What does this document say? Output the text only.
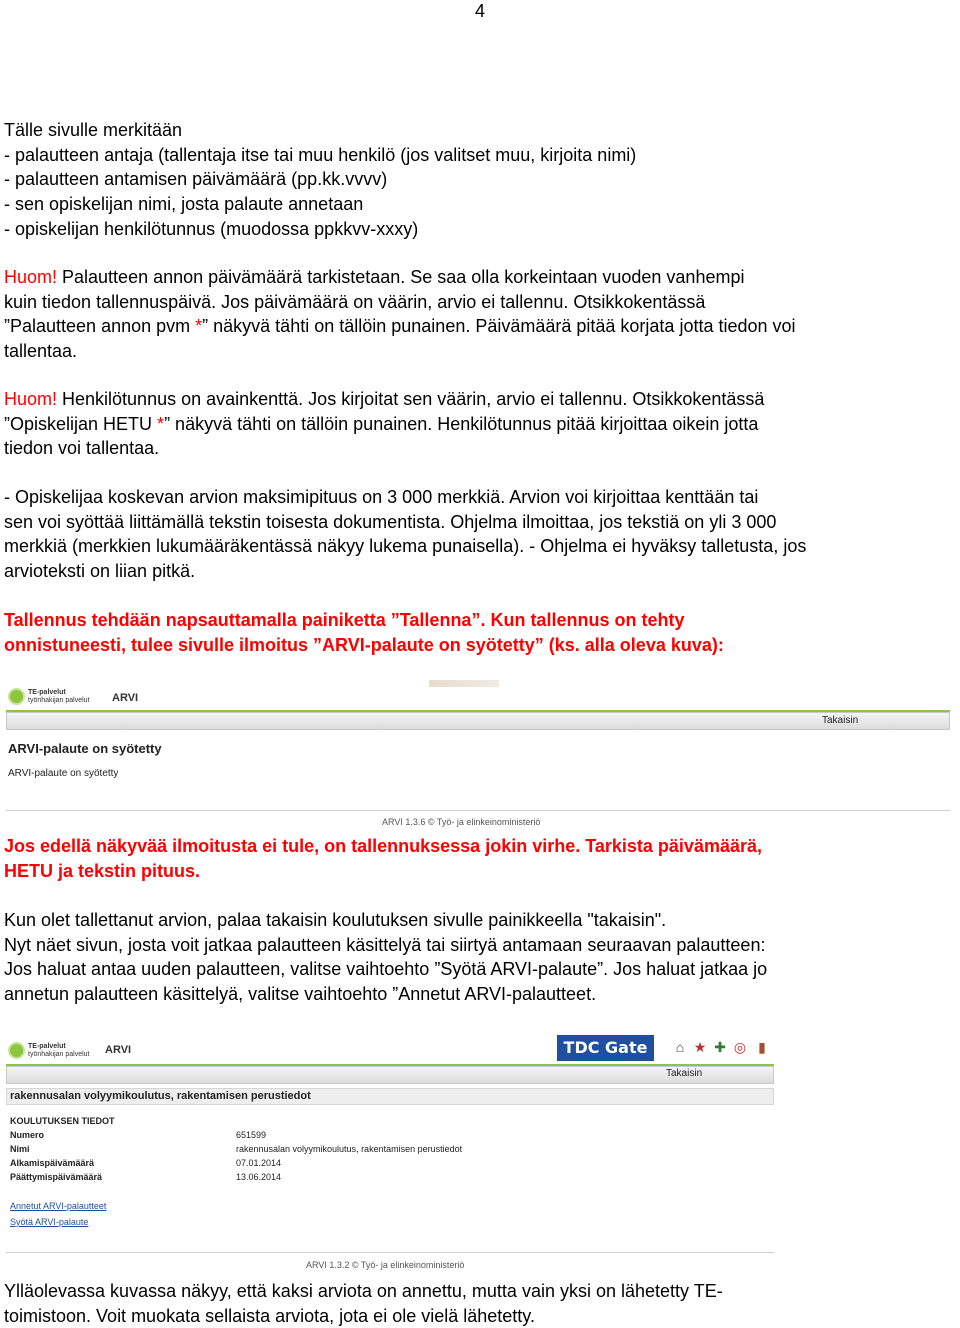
4
Tälle sivulle merkitään
- palautteen antaja (tallentaja itse tai muu henkilö (jos valitset muu, kirjoita nimi)
- palautteen antamisen päivämäärä (pp.kk.vvvv)
- sen opiskelijan nimi, josta palaute annetaan
- opiskelijan henkilötunnus (muodossa ppkkvv-xxxy)
Huom! Palautteen annon päivämäärä tarkistetaan. Se saa olla korkeintaan vuoden vanhempi
kuin tiedon tallennuspäivä. Jos päivämäärä on väärin, arvio ei tallennu. Otsikkokentässä
”Palautteen annon pvm *” näkyvä tähti on tällöin punainen. Päivämäärä pitää korjata jotta tiedon voi
tallentaa.
Huom! Henkilötunnus on avainkenttä. Jos kirjoitat sen väärin, arvio ei tallennu. Otsikkokentässä
”Opiskelijan HETU *” näkyvä tähti on tällöin punainen. Henkilötunnus pitää kirjoittaa oikein jotta
tiedon voi tallentaa.
- Opiskelijaa koskevan arvion maksimipituus on 3 000 merkkiä. Arvion voi kirjoittaa kenttään tai
sen voi syöttää liittämällä tekstin toisesta dokumentista. Ohjelma ilmoittaa, jos tekstiä on yli 3 000
merkkiä (merkkien lukumääräkentässä näkyy lukema punaisella). - Ohjelma ei hyväksy talletusta, jos
arvioteksti on liian pitkä.
Tallennus tehdään napsauttamalla painiketta ”Tallenna”. Kun tallennus on tehty
onnistuneesti, tulee sivulle ilmoitus ”ARVI-palaute on syötetty” (ks. alla oleva kuva):
TE-palvelut
työnhakijan palvelut ARVI
Takaisin
ARVI-palaute on syötetty
ARVI-palaute on syötetty
ARVI 1.3.6 © Työ- ja elinkeinoministeriö
Jos edellä näkyvää ilmoitusta ei tule, on tallennuksessa jokin virhe. Tarkista päivämäärä,
HETU ja tekstin pituus.
Kun olet tallettanut arvion, palaa takaisin koulutuksen sivulle painikkeella "takaisin".
Nyt näet sivun, josta voit jatkaa palautteen käsittelyä tai siirtyä antamaan seuraavan palautteen:
Jos haluat antaa uuden palautteen, valitse vaihtoehto ”Syötä ARVI-palaute”. Jos haluat jatkaa jo
annetun palautteen käsittelyä, valitse vaihtoehto ”Annetut ARVI-palautteet.
TE-palvelut
työnhakijan palvelut ARVI	TDC Gate	⌂ ★ ✚ ◎ ▮
Takaisin
rakennusalan volyymikoulutus, rakentamisen perustiedot
KOULUTUKSEN TIEDOT
Numero	651599
Nimi	rakennusalan volyymikoulutus, rakentamisen perustiedot
Alkamispäivämäärä	07.01.2014
Päättymispäivämäärä	13.06.2014
Annetut ARVI-palautteet
Syötä ARVI-palaute
ARVI 1.3.2 © Työ- ja elinkeinoministeriö
Ylläolevassa kuvassa näkyy, että kaksi arviota on annettu, mutta vain yksi on lähetetty TE-
toimistoon. Voit muokata sellaista arviota, jota ei ole vielä lähetetty.
